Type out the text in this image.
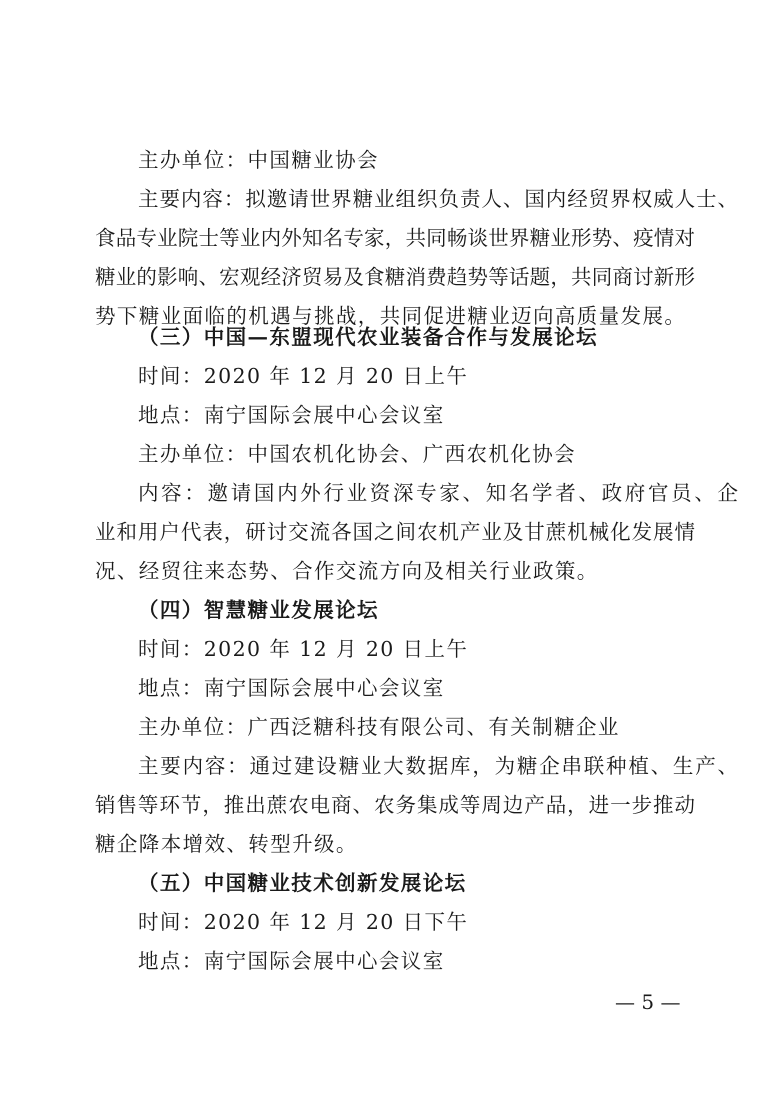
主办单位：中国糖业协会
主要内容：拟邀请世界糖业组织负责人、国内经贸界权威人士、
食品专业院士等业内外知名专家，共同畅谈世界糖业形势、疫情对
糖业的影响、宏观经济贸易及食糖消费趋势等话题，共同商讨新形
势下糖业面临的机遇与挑战，共同促进糖业迈向高质量发展。
（三）中国—东盟现代农业装备合作与发展论坛
时间：2020 年 12 月 20 日上午
地点：南宁国际会展中心会议室
主办单位：中国农机化协会、广西农机化协会
内容：邀请国内外行业资深专家、知名学者、政府官员、企
业和用户代表，研讨交流各国之间农机产业及甘蔗机械化发展情
况、经贸往来态势、合作交流方向及相关行业政策。
（四）智慧糖业发展论坛
时间：2020 年 12 月 20 日上午
地点：南宁国际会展中心会议室
主办单位：广西泛糖科技有限公司、有关制糖企业
主要内容：通过建设糖业大数据库，为糖企串联种植、生产、
销售等环节，推出蔗农电商、农务集成等周边产品，进一步推动
糖企降本增效、转型升级。
（五）中国糖业技术创新发展论坛
时间：2020 年 12 月 20 日下午
地点：南宁国际会展中心会议室
— 5 —
